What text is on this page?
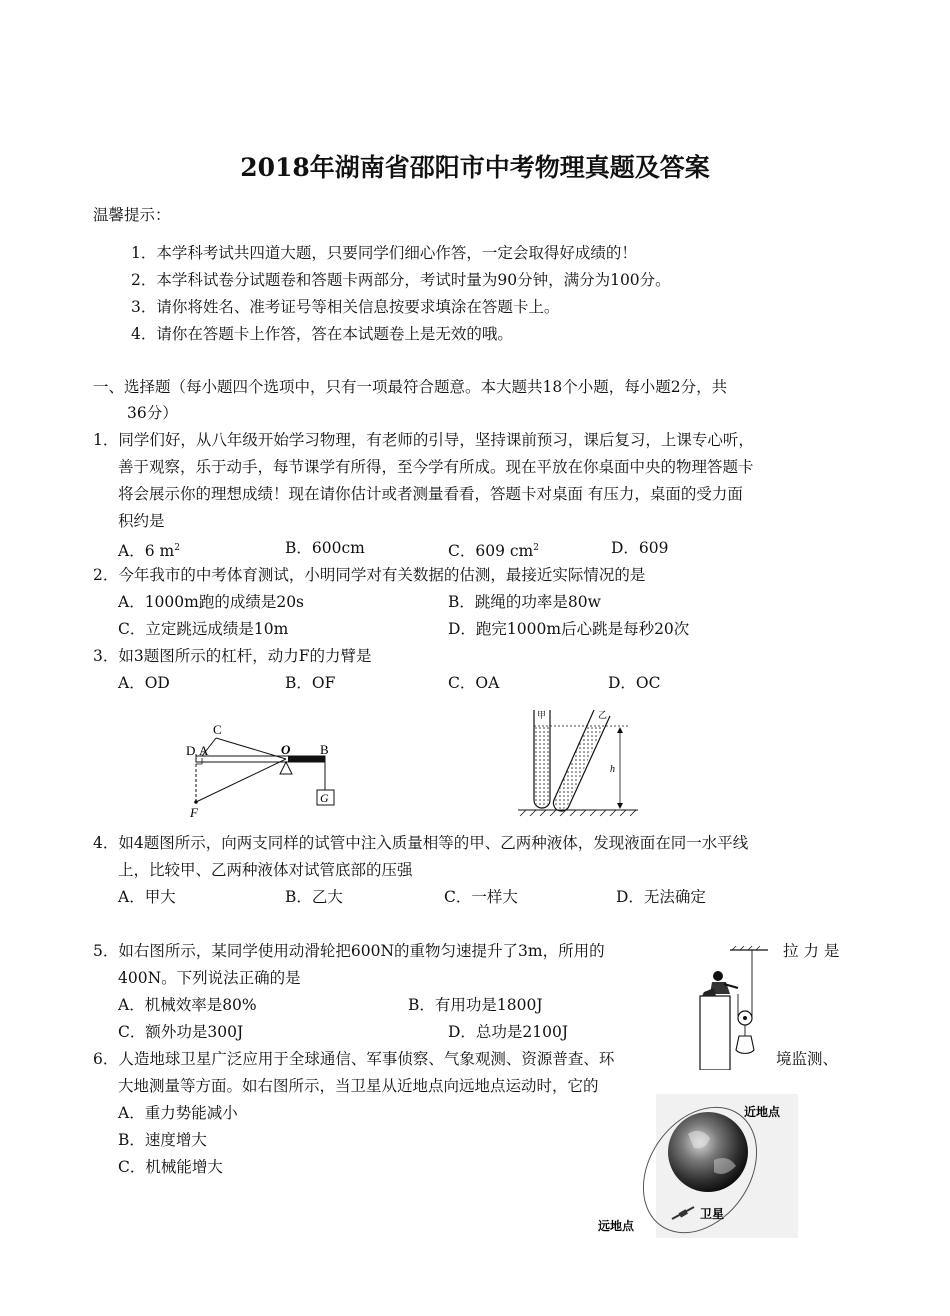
2018年湖南省邵阳市中考物理真题及答案
温馨提示：
1．本学科考试共四道大题，只要同学们细心作答，一定会取得好成绩的！
2．本学科试卷分试题卷和答题卡两部分，考试时量为90分钟，满分为100分。
3．请你将姓名、准考证号等相关信息按要求填涂在答题卡上。
4．请你在答题卡上作答，答在本试题卷上是无效的哦。
一、选择题（每小题四个选项中，只有一项最符合题意。本大题共18个小题，每小题2分，共
36分）
1．同学们好，从八年级开始学习物理，有老师的引导，坚持课前预习，课后复习，上课专心听，
善于观察，乐于动手，每节课学有所得，至今学有所成。现在平放在你桌面中央的物理答题卡
将会展示你的理想成绩！现在请你估计或者测量看看，答题卡对桌面 有压力，桌面的受力面
积约是
A．6 $m^2$	B．600cm	C．609 $cm^2$	D．609
2．今年我市的中考体育测试，小明同学对有关数据的估测，最接近实际情况的是
A．1000m跑的成绩是20s	B．跳绳的功率是80w
C．立定跳远成绩是10m	D．跑完1000m后心跳是每秒20次
3．如3题图所示的杠杆，动力F的力臂是
A．OD	B．OF	C．OA	D．OC
C
D A	O B
F
G
甲	乙
h
4．如4题图所示，向两支同样的试管中注入质量相等的甲、乙两种液体，发现液面在同一水平线
上，比较甲、乙两种液体对试管底部的压强
A．甲大	B．乙大	C．一样大	D．无法确定
5．如右图所示，某同学使用动滑轮把600N的重物匀速提升了3m，所用的	拉 力 是
400N。下列说法正确的是
A．机械效率是80%	B．有用功是1800J
C．额外功是300J	D．总功是2100J
6．人造地球卫星广泛应用于全球通信、军事侦察、气象观测、资源普查、环	境监测、
大地测量等方面。如右图所示，当卫星从近地点向远地点运动时，它的
A．重力势能减小
B．速度增大
C．机械能增大
近地点
远地点
卫星
